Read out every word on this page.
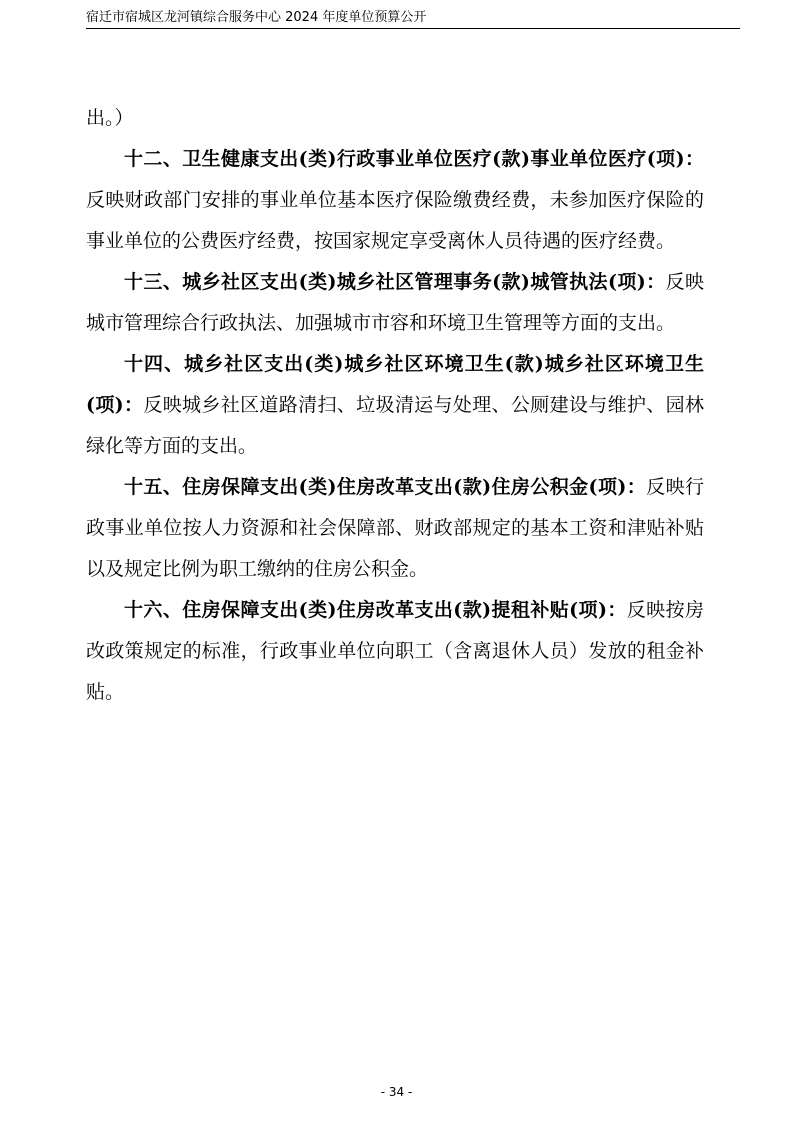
宿迁市宿城区龙河镇综合服务中心 2024 年度单位预算公开

出。）

十二、卫生健康支出(类)行政事业单位医疗(款)事业单位医疗(项)：反映财政部门安排的事业单位基本医疗保险缴费经费，未参加医疗保险的事业单位的公费医疗经费，按国家规定享受离休人员待遇的医疗经费。

十三、城乡社区支出(类)城乡社区管理事务(款)城管执法(项)：反映城市管理综合行政执法、加强城市市容和环境卫生管理等方面的支出。

十四、城乡社区支出(类)城乡社区环境卫生(款)城乡社区环境卫生(项)：反映城乡社区道路清扫、垃圾清运与处理、公厕建设与维护、园林绿化等方面的支出。

十五、住房保障支出(类)住房改革支出(款)住房公积金(项)：反映行政事业单位按人力资源和社会保障部、财政部规定的基本工资和津贴补贴以及规定比例为职工缴纳的住房公积金。

十六、住房保障支出(类)住房改革支出(款)提租补贴(项)：反映按房改政策规定的标准，行政事业单位向职工（含离退休人员）发放的租金补贴。

- 34 -
